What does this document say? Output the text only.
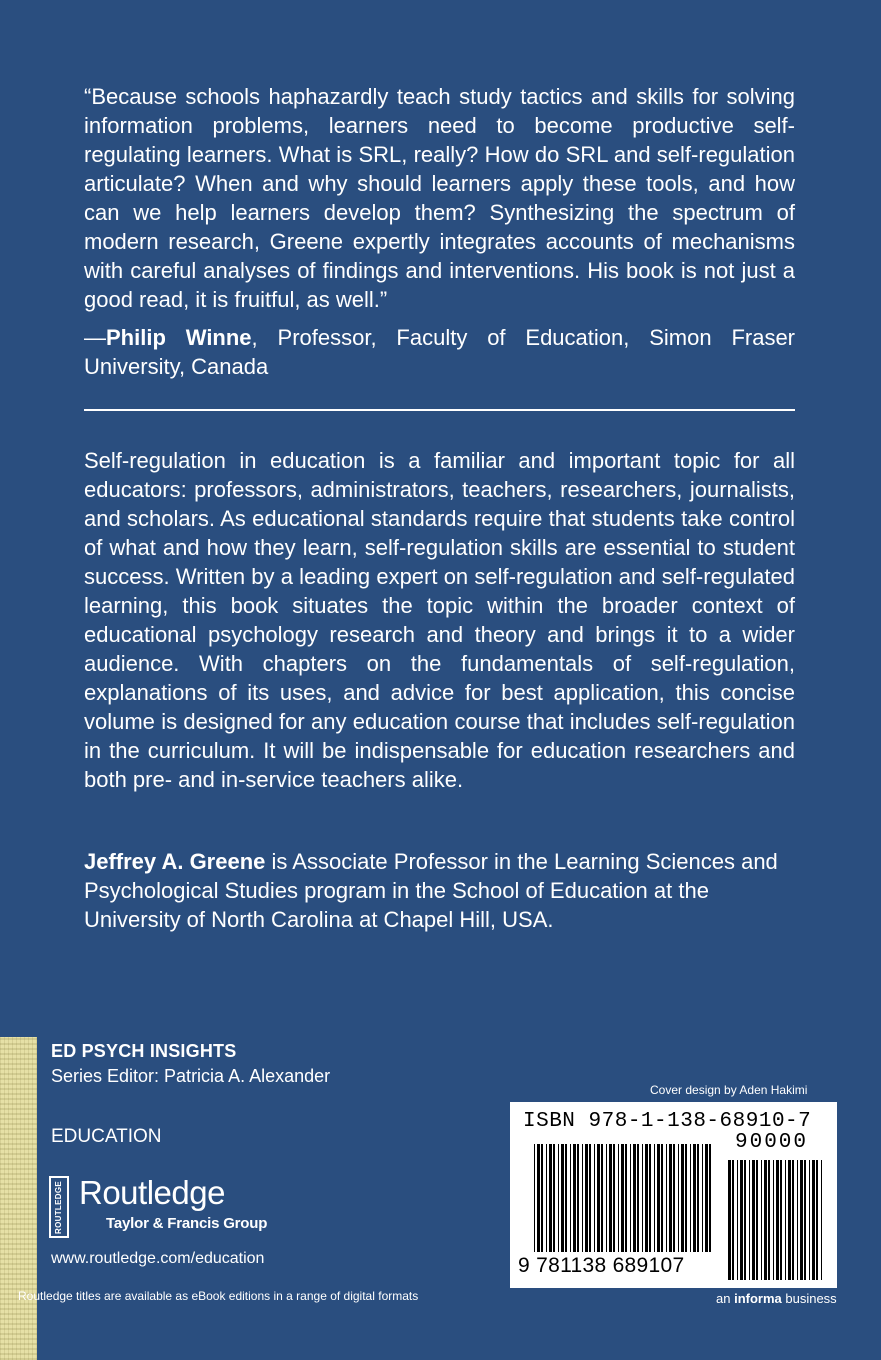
“Because schools haphazardly teach study tactics and skills for solving information problems, learners need to become productive self-regulating learners. What is SRL, really? How do SRL and self-regulation articulate? When and why should learners apply these tools, and how can we help learners develop them? Synthesizing the spectrum of modern research, Greene expertly integrates accounts of mechanisms with careful analyses of findings and interventions. His book is not just a good read, it is fruitful, as well.”
—Philip Winne, Professor, Faculty of Education, Simon Fraser University, Canada
Self-regulation in education is a familiar and important topic for all educators: professors, administrators, teachers, researchers, journalists, and scholars. As educational standards require that students take control of what and how they learn, self-regulation skills are essential to student success. Written by a leading expert on self-regulation and self-regulated learning, this book situates the topic within the broader context of educational psychology research and theory and brings it to a wider audience. With chapters on the fundamentals of self-regulation, explanations of its uses, and advice for best application, this concise volume is designed for any education course that includes self-regulation in the curriculum. It will be indispensable for education researchers and both pre- and in-service teachers alike.
Jeffrey A. Greene is Associate Professor in the Learning Sciences and Psychological Studies program in the School of Education at the University of North Carolina at Chapel Hill, USA.
ED PSYCH INSIGHTS
Series Editor: Patricia A. Alexander
EDUCATION
ROUTLEDGE Routledge
Taylor & Francis Group
www.routledge.com/education
Routledge titles are available as eBook editions in a range of digital formats
Cover design by Aden Hakimi
ISBN 978-1-138-68910-7
90000
9 781138 689107
an informa business
